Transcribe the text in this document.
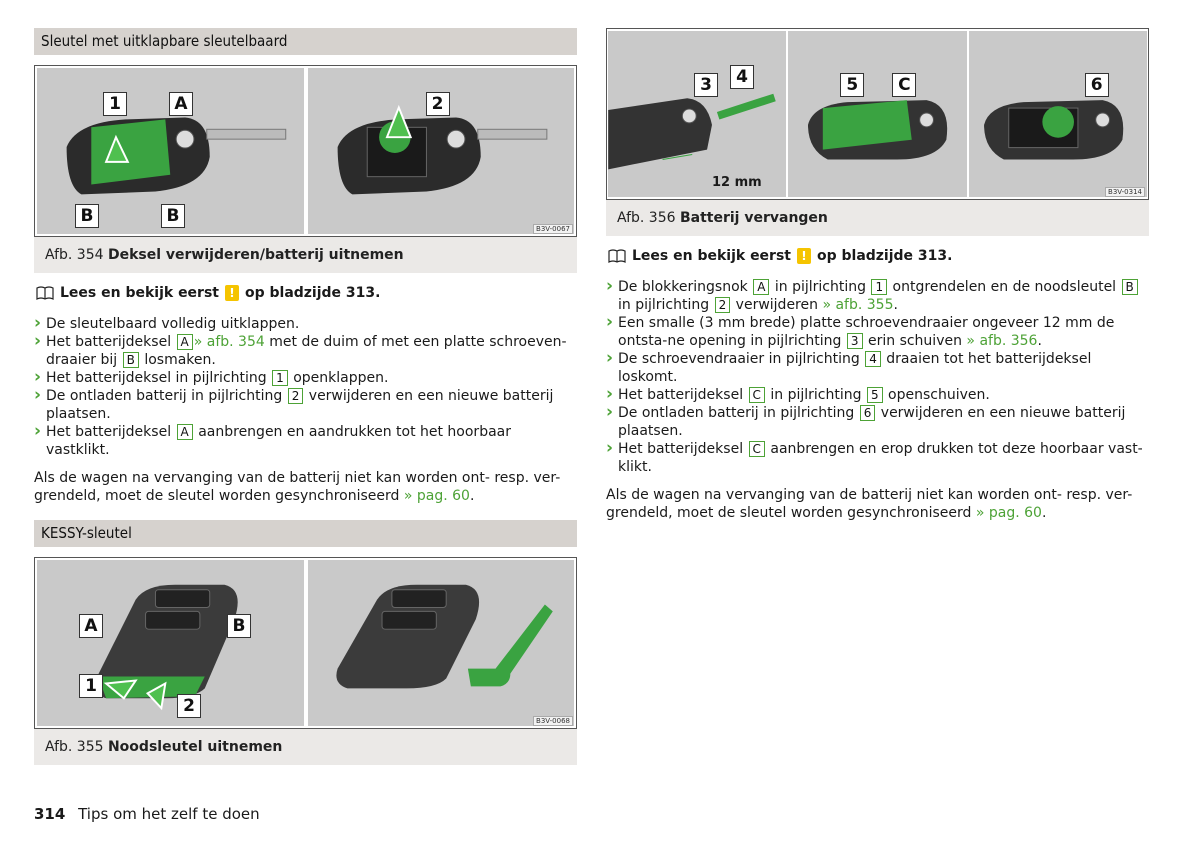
Sleutel met uitklapbare sleutelbaard
1	A
B	B
2
B3V-0067
Afb. 354 Deksel verwijderen/batterij uitnemen
Lees en bekijk eerst ! op bladzijde 313.
› De sleutelbaard volledig uitklappen.
› Het batterijdeksel A » afb. 354 met de duim of met een platte schroeven-draaier bij B losmaken.
› Het batterijdeksel in pijlrichting 1 openklappen.
› De ontladen batterij in pijlrichting 2 verwijderen en een nieuwe batterij plaatsen.
› Het batterijdeksel A aanbrengen en aandrukken tot het hoorbaar vastklikt.

Als de wagen na vervanging van de batterij niet kan worden ont- resp. ver-grendeld, moet de sleutel worden gesynchroniseerd » pag. 60.

KESSY-sleutel
A	B
1
2
B3V-0068
Afb. 355 Noodsleutel uitnemen
3	4
12 mm
5	C	6
B3V-0314
Afb. 356 Batterij vervangen
Lees en bekijk eerst ! op bladzijde 313.
› De blokkeringsnok A in pijlrichting 1 ontgrendelen en de noodsleutel B in pijlrichting 2 verwijderen » afb. 355.
› Een smalle (3 mm brede) platte schroevendraaier ongeveer 12 mm de ontsta-ne opening in pijlrichting 3 erin schuiven » afb. 356.
› De schroevendraaier in pijlrichting 4 draaien tot het batterijdeksel loskomt.
› Het batterijdeksel C in pijlrichting 5 openschuiven.
› De ontladen batterij in pijlrichting 6 verwijderen en een nieuwe batterij plaatsen.
› Het batterijdeksel C aanbrengen en erop drukken tot deze hoorbaar vast-klikt.

Als de wagen na vervanging van de batterij niet kan worden ont- resp. ver-grendeld, moet de sleutel worden gesynchroniseerd » pag. 60.

314 Tips om het zelf te doen
